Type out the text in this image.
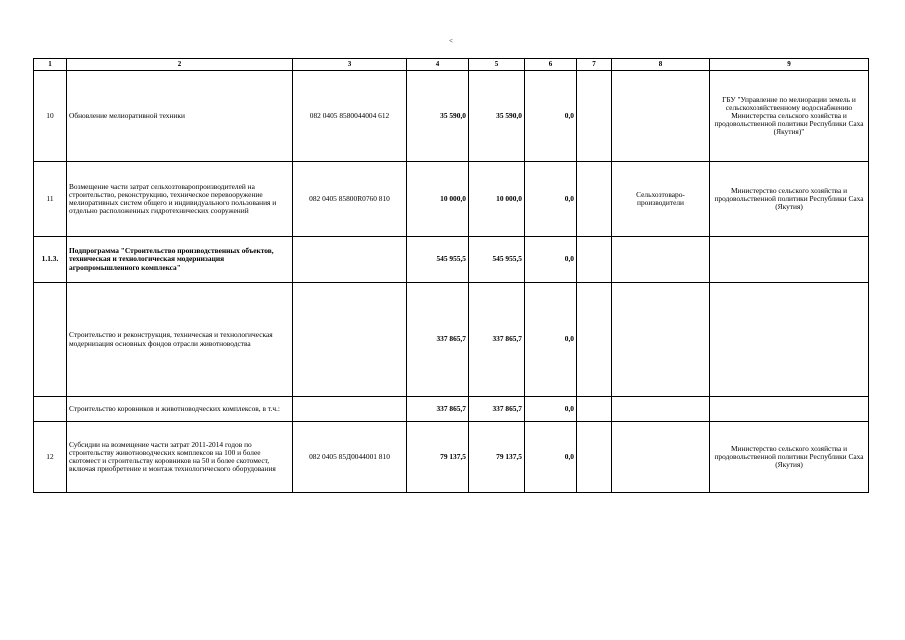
<
1	2	3	4	5	6	7	8	9
10	Обновление мелиоративной техники	082 0405 8580044004 612	35 590,0	35 590,0	0,0			ГБУ "Управление по мелиорации земель и сельскохозяйственному водоснабжению Министерства сельского хозяйства и продовольственной политики Республики Саха (Якутия)"
11	Возмещение части затрат сельхозтоваропроизводителей на строительство, реконструкцию, техническое перевооружение мелиоративных систем общего и индивидуального пользования и отдельно расположенных гидротехнических сооружений	082 0405 85800R0760 810	10 000,0	10 000,0	0,0		Сельхозтоваро-производители	Министерство сельского хозяйства и продовольственной политики Республики Саха (Якутия)
1.1.3.	Подпрограмма "Строительство производственных объектов, техническая и технологическая модернизация агропромышленного комплекса"		545 955,5	545 955,5	0,0			
	Строительство и реконструкция, техническая и технологическая модернизация основных фондов отрасли животноводства		337 865,7	337 865,7	0,0			
	Строительство коровников и животноводческих комплексов, в т.ч.:		337 865,7	337 865,7	0,0			
12	Субсидии на возмещение части затрат 2011-2014 годов по строительству животноводческих комплексов на 100 и более скотомест и строительству коровников на 50 и более скотомест, включая приобретение и монтаж технологического оборудования	082 0405 85Д0044001 810	79 137,5	79 137,5	0,0			Министерство сельского хозяйства и продовольственной политики Республики Саха (Якутия)
